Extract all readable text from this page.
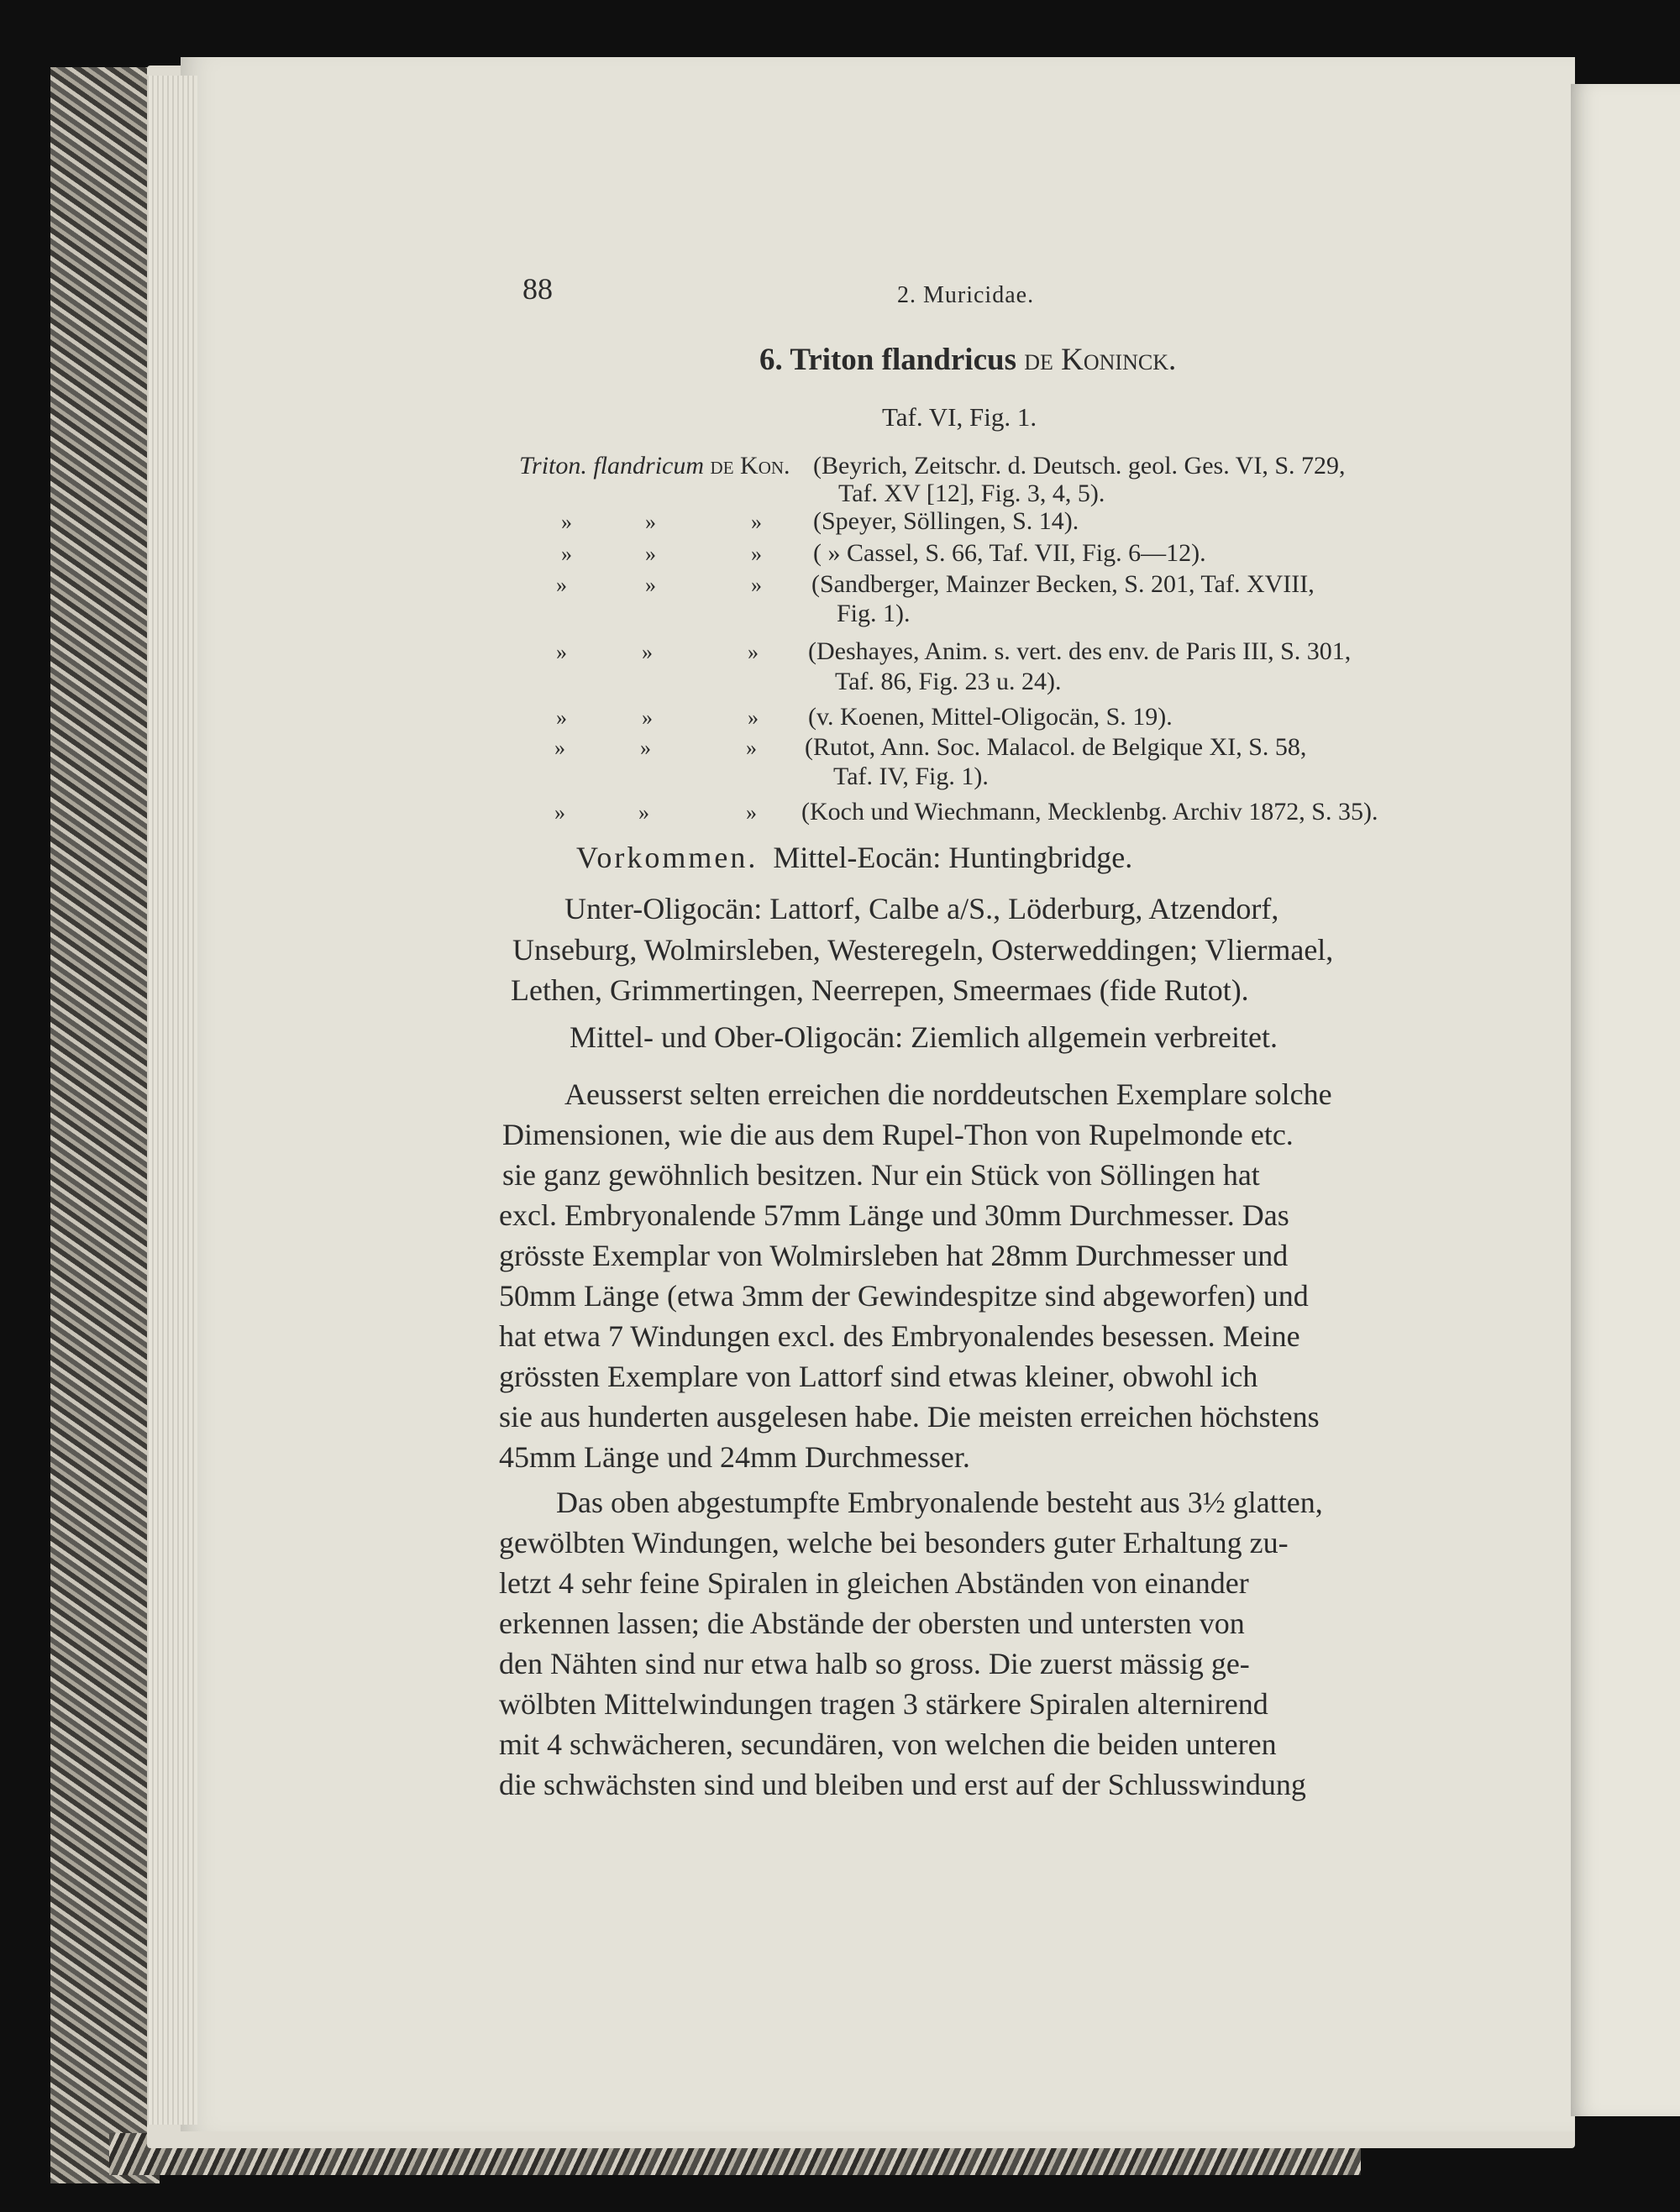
88	2. Muricidae.
6. Triton flandricus de Koninck.
Taf. VI, Fig. 1.
Triton. flandricum de Kon. (Beyrich, Zeitschr. d. Deutsch. geol. Ges. VI, S. 729,
Taf. XV [12], Fig. 3, 4, 5).
»	»	» (Speyer, Söllingen, S. 14).
»	»	» ( » Cassel, S. 66, Taf. VII, Fig. 6—12).
»	»	» (Sandberger, Mainzer Becken, S. 201, Taf. XVIII,
Fig. 1).
»	»	» (Deshayes, Anim. s. vert. des env. de Paris III, S. 301,
Taf. 86, Fig. 23 u. 24).
»	»	» (v. Koenen, Mittel-Oligocän, S. 19).
»	»	» (Rutot, Ann. Soc. Malacol. de Belgique XI, S. 58,
Taf. IV, Fig. 1).
»	»	» (Koch und Wiechmann, Mecklenbg. Archiv 1872, S. 35).
Vorkommen. Mittel-Eocän: Huntingbridge.
Unter-Oligocän: Lattorf, Calbe a/S., Löderburg, Atzendorf,
Unseburg, Wolmirsleben, Westeregeln, Osterweddingen; Vliermael,
Lethen, Grimmertingen, Neerrepen, Smeermaes (fide Rutot).
Mittel- und Ober-Oligocän: Ziemlich allgemein verbreitet.
Aeusserst selten erreichen die norddeutschen Exemplare solche
Dimensionen, wie die aus dem Rupel-Thon von Rupelmonde etc.
sie ganz gewöhnlich besitzen. Nur ein Stück von Söllingen hat
excl. Embryonalende 57mm Länge und 30mm Durchmesser. Das
grösste Exemplar von Wolmirsleben hat 28mm Durchmesser und
50mm Länge (etwa 3mm der Gewindespitze sind abgeworfen) und
hat etwa 7 Windungen excl. des Embryonalendes besessen. Meine
grössten Exemplare von Lattorf sind etwas kleiner, obwohl ich
sie aus hunderten ausgelesen habe. Die meisten erreichen höchstens
45mm Länge und 24mm Durchmesser.
Das oben abgestumpfte Embryonalende besteht aus 3½ glatten,
gewölbten Windungen, welche bei besonders guter Erhaltung zu-
letzt 4 sehr feine Spiralen in gleichen Abständen von einander
erkennen lassen; die Abstände der obersten und untersten von
den Nähten sind nur etwa halb so gross. Die zuerst mässig ge-
wölbten Mittelwindungen tragen 3 stärkere Spiralen alternirend
mit 4 schwächeren, secundären, von welchen die beiden unteren
die schwächsten sind und bleiben und erst auf der Schlusswindung
